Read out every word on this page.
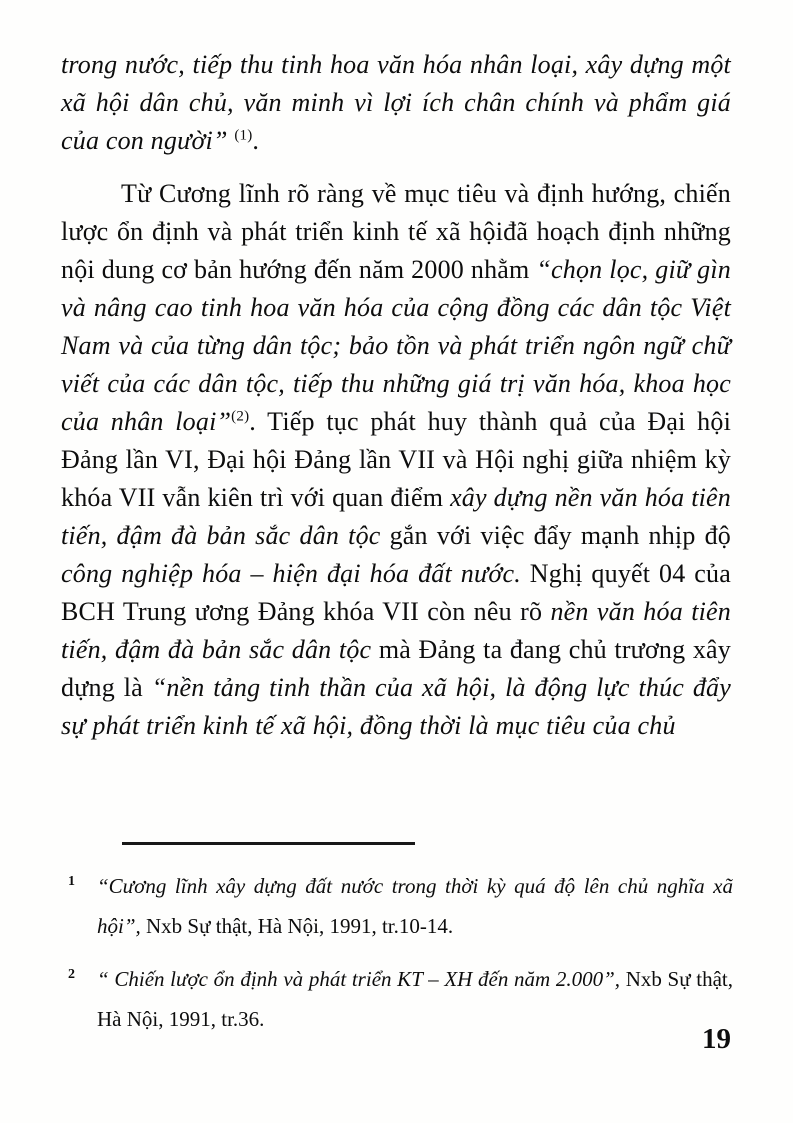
trong nước, tiếp thu tinh hoa văn hóa nhân loại, xây dựng một xã hội dân chủ, văn minh vì lợi ích chân chính và phẩm giá của con người” $^{(1)}$.

Từ Cương lĩnh rõ ràng về mục tiêu và định hướng, chiến lược ổn định và phát triển kinh tế xã hộiđã hoạch định những nội dung cơ bản hướng đến năm 2000 nhằm “chọn lọc, giữ gìn và nâng cao tinh hoa văn hóa của cộng đồng các dân tộc Việt Nam và của từng dân tộc; bảo tồn và phát triển ngôn ngữ chữ viết của các dân tộc, tiếp thu những giá trị văn hóa, khoa học của nhân loại”$^{(2)}$. Tiếp tục phát huy thành quả của Đại hội Đảng lần VI, Đại hội Đảng lần VII và Hội nghị giữa nhiệm kỳ khóa VII vẫn kiên trì với quan điểm xây dựng nền văn hóa tiên tiến, đậm đà bản sắc dân tộc gắn với việc đẩy mạnh nhịp độ công nghiệp hóa – hiện đại hóa đất nước. Nghị quyết 04 của BCH Trung ương Đảng khóa VII còn nêu rõ nền văn hóa tiên tiến, đậm đà bản sắc dân tộc mà Đảng ta đang chủ trương xây dựng là “nền tảng tinh thần của xã hội, là động lực thúc đẩy sự phát triển kinh tế xã hội, đồng thời là mục tiêu của chủ

1 “Cương lĩnh xây dựng đất nước trong thời kỳ quá độ lên chủ nghĩa xã hội”, Nxb Sự thật, Hà Nội, 1991, tr.10-14.
2 “ Chiến lược ổn định và phát triển KT – XH đến năm 2.000”, Nxb Sự thật, Hà Nội, 1991, tr.36.
19
